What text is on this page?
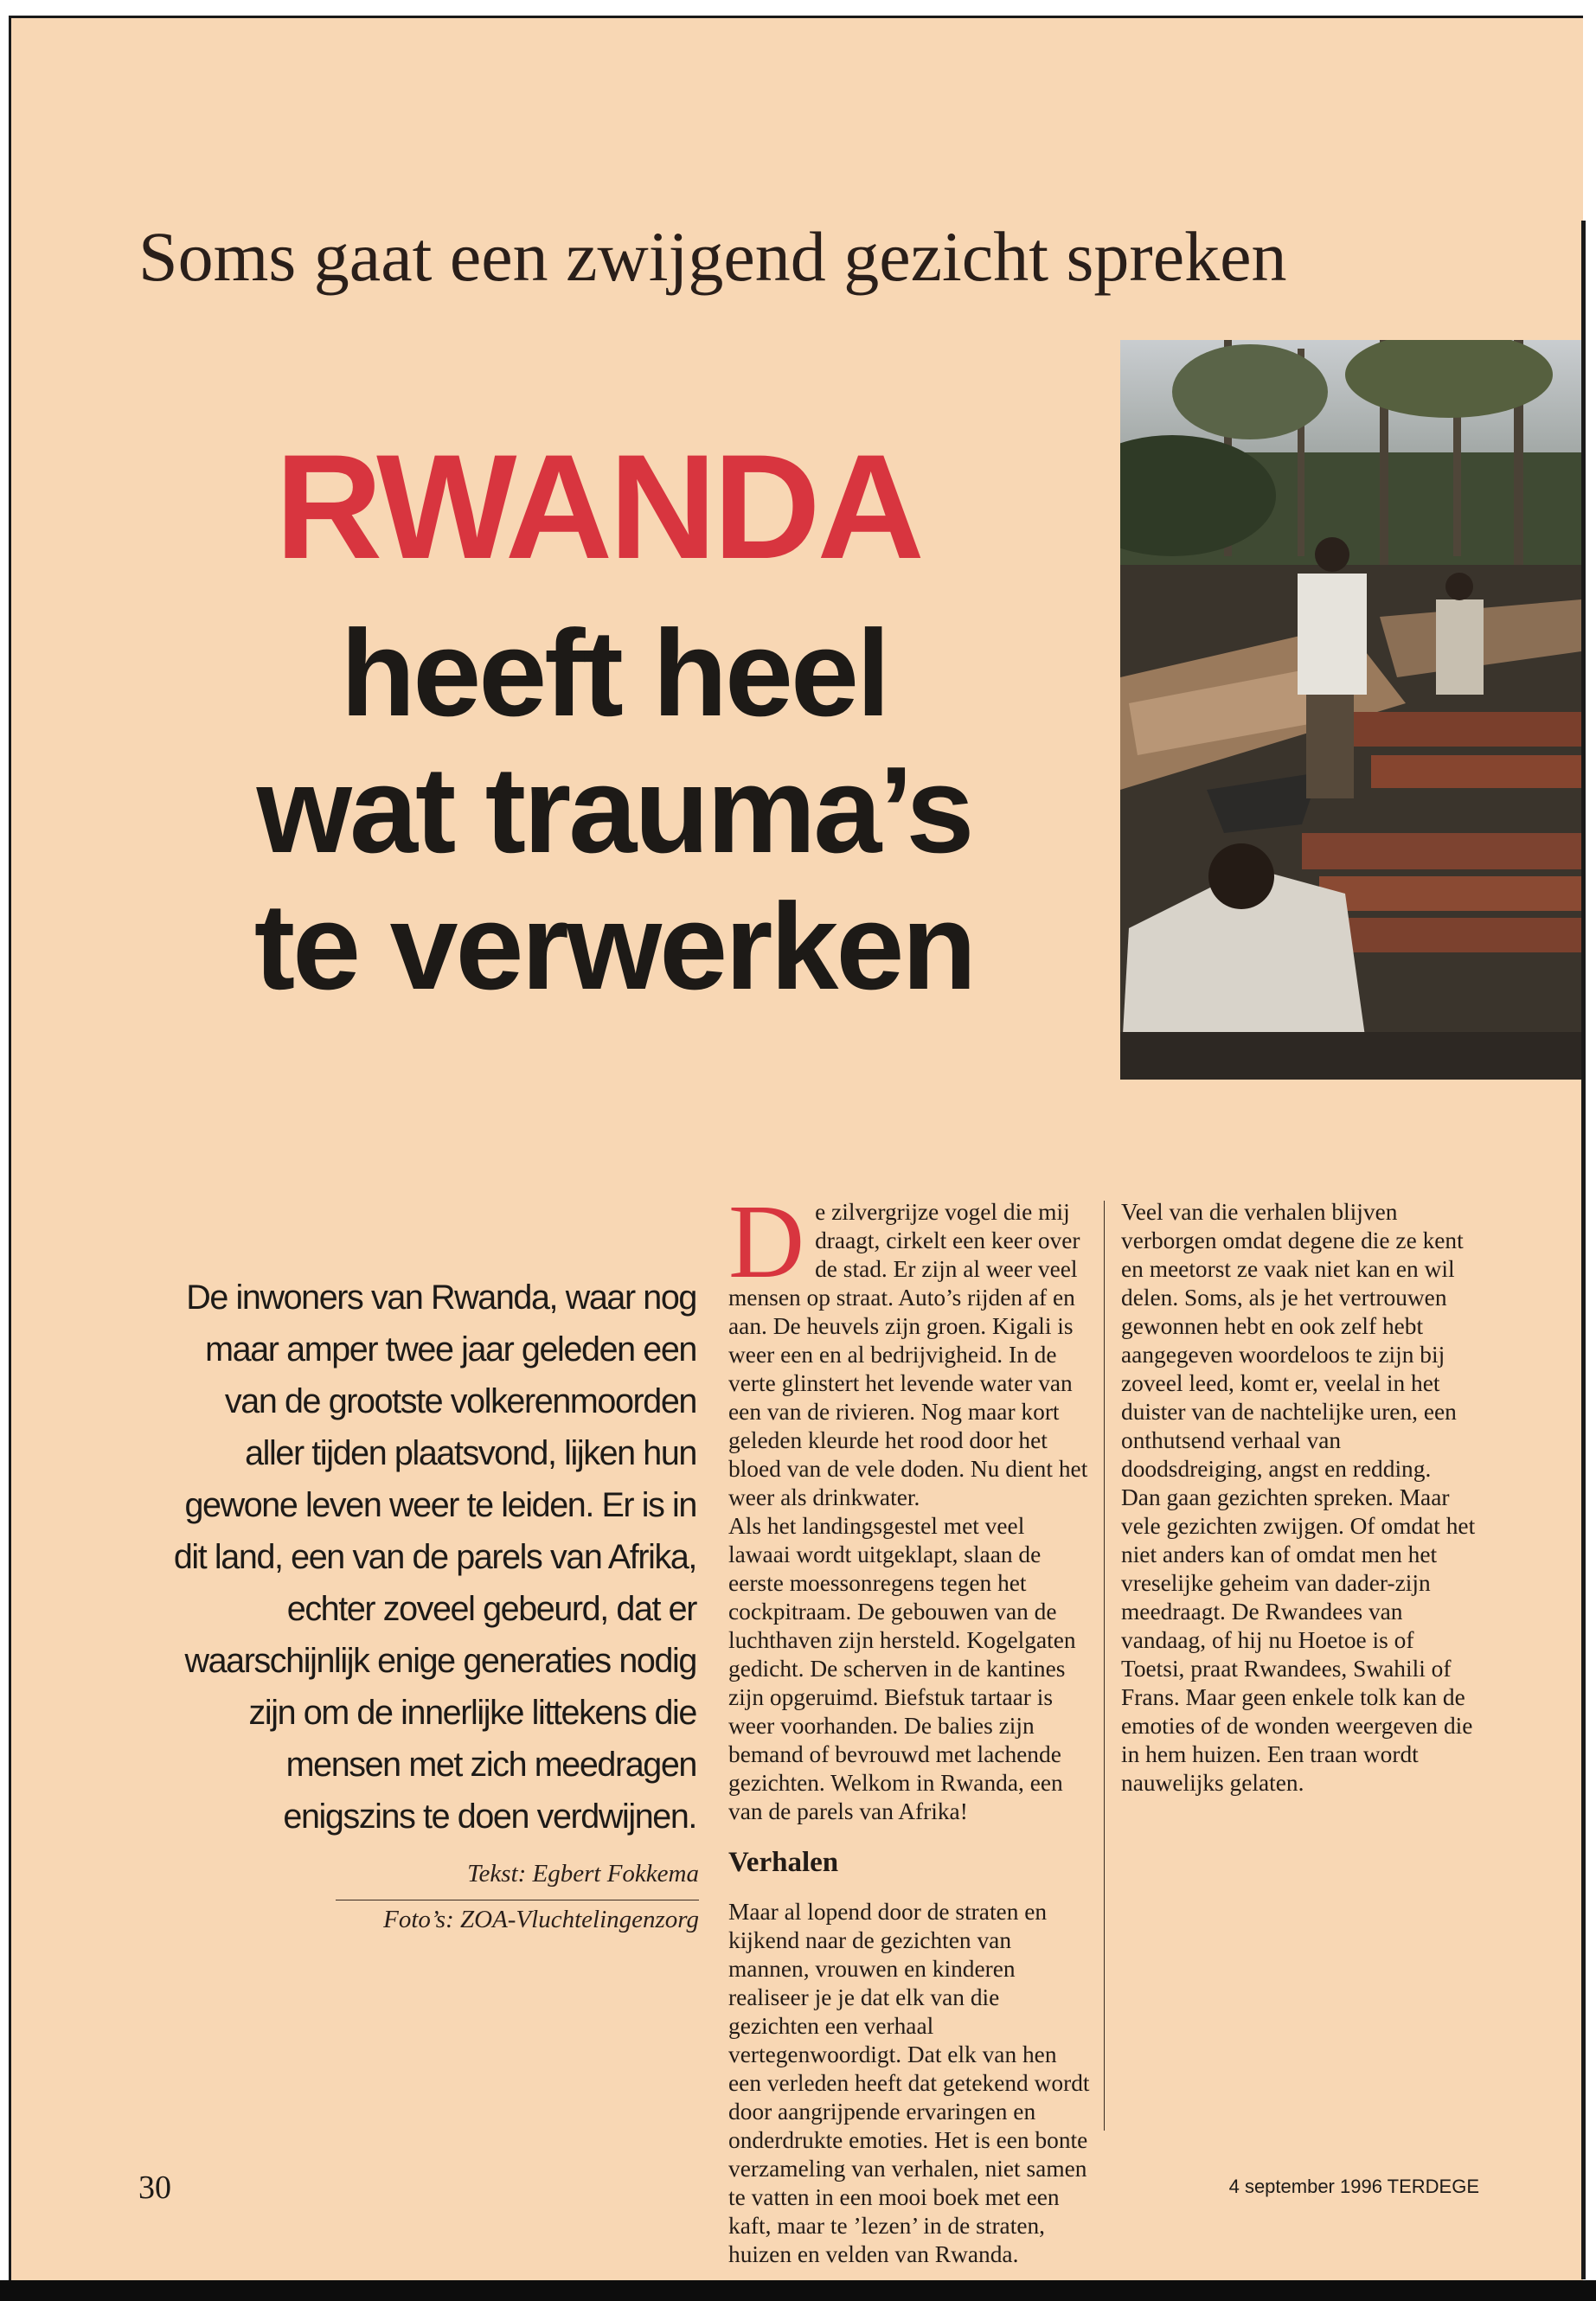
Soms gaat een zwijgend gezicht spreken
RWANDA
heeft heel
wat trauma’s
te verwerken
De inwoners van Rwanda, waar nog maar amper twee jaar geleden een van de grootste volkerenmoorden aller tijden plaatsvond, lijken hun gewone leven weer te leiden. Er is in dit land, een van de parels van Afrika, echter zoveel gebeurd, dat er waarschijnlijk enige generaties nodig zijn om de innerlijke littekens die mensen met zich meedragen enigszins te doen verdwijnen.
Tekst: Egbert Fokkema
Foto’s: ZOA-Vluchtelingenzorg
D e zilvergrijze vogel die mij draagt, cirkelt een keer over de stad. Er zijn al weer veel mensen op straat. Auto’s rijden af en aan. De heuvels zijn groen. Kigali is weer een en al bedrijvigheid. In de verte glinstert het levende water van een van de rivieren. Nog maar kort geleden kleurde het rood door het bloed van de vele doden. Nu dient het weer als drinkwater.
Als het landingsgestel met veel lawaai wordt uitgeklapt, slaan de eerste moessonregens tegen het cockpitraam. De gebouwen van de luchthaven zijn hersteld. Kogelgaten gedicht. De scherven in de kantines zijn opgeruimd. Biefstuk tartaar is weer voorhanden. De balies zijn bemand of bevrouwd met lachende gezichten. Welkom in Rwanda, een van de parels van Afrika!
Verhalen
Maar al lopend door de straten en kijkend naar de gezichten van mannen, vrouwen en kinderen realiseer je je dat elk van die gezichten een verhaal vertegenwoordigt. Dat elk van hen een verleden heeft dat getekend wordt door aangrijpende ervaringen en onderdrukte emoties. Het is een bonte verzameling van verhalen, niet samen te vatten in een mooi boek met een kaft, maar te ’lezen’ in de straten, huizen en velden van Rwanda.
Veel van die verhalen blijven verborgen omdat degene die ze kent en meetorst ze vaak niet kan en wil delen. Soms, als je het vertrouwen gewonnen hebt en ook zelf hebt aangegeven woordeloos te zijn bij zoveel leed, komt er, veelal in het duister van de nachtelijke uren, een onthutsend verhaal van doodsdreiging, angst en redding. Dan gaan gezichten spreken. Maar vele gezichten zwijgen. Of omdat het niet anders kan of omdat men het vreselijke geheim van dader-zijn meedraagt. De Rwandees van vandaag, of hij nu Hoetoe is of Toetsi, praat Rwandees, Swahili of Frans. Maar geen enkele tolk kan de emoties of de wonden weergeven die in hem huizen. Een traan wordt nauwelijks gelaten.
30	4 september 1996 TERDEGE
